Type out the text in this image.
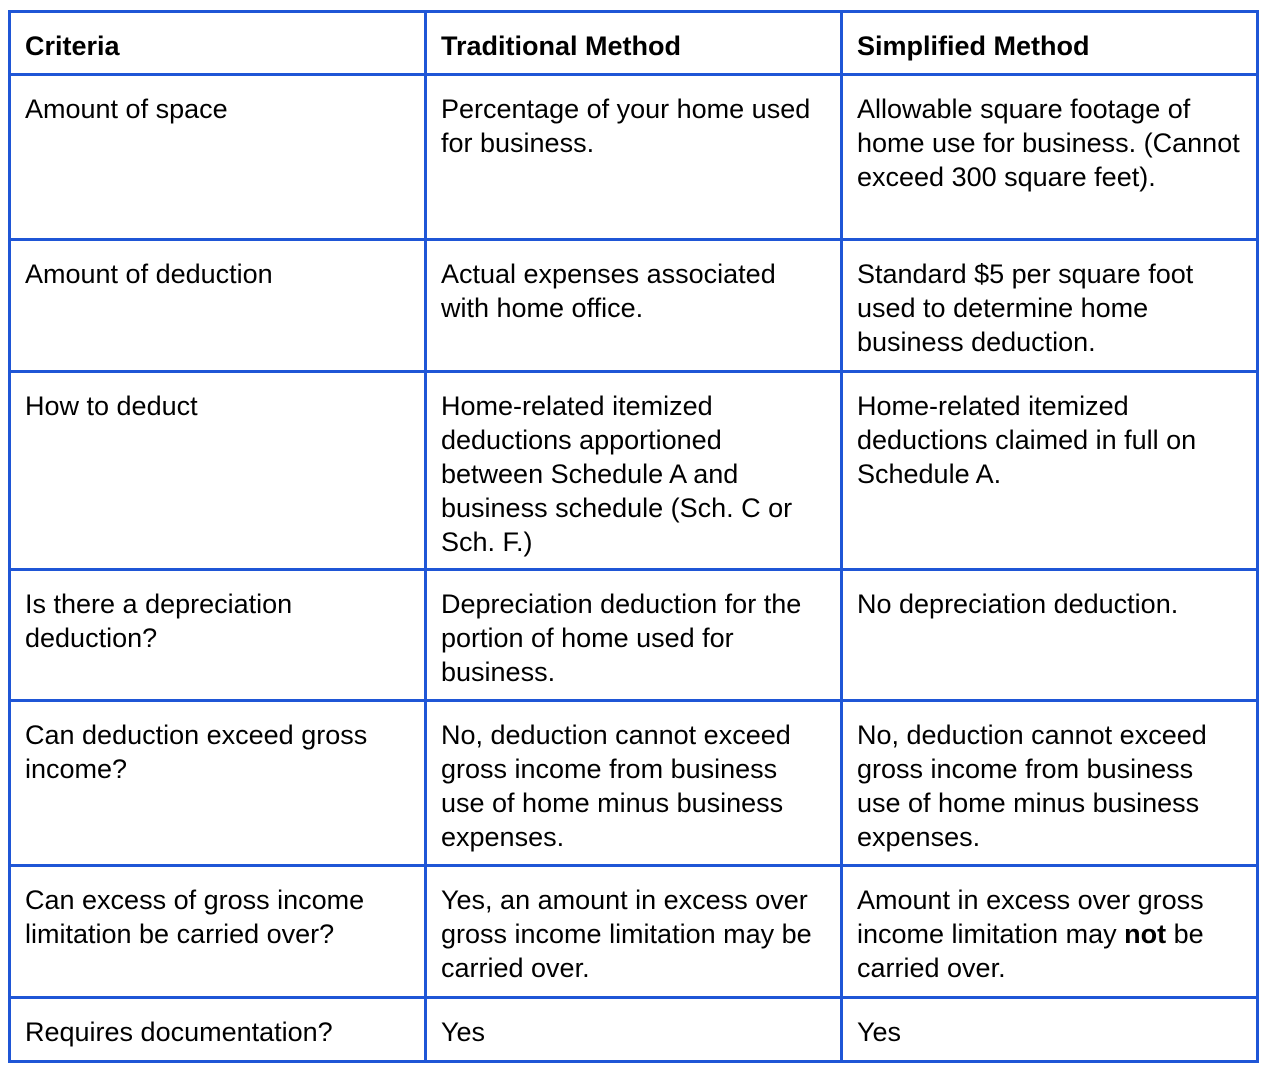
Criteria	Traditional Method	Simplified Method
Amount of space	Percentage of your home used for business.	Allowable square footage of home use for business. (Cannot exceed 300 square feet).
Amount of deduction	Actual expenses associated with home office.	Standard $5 per square foot used to determine home business deduction.
How to deduct	Home-related itemized deductions apportioned between Schedule A and business schedule (Sch. C or Sch. F.)	Home-related itemized deductions claimed in full on Schedule A.
Is there a depreciation deduction?	Depreciation deduction for the portion of home used for business.	No depreciation deduction.
Can deduction exceed gross income?	No, deduction cannot exceed gross income from business use of home minus business expenses.	No, deduction cannot exceed gross income from business use of home minus business expenses.
Can excess of gross income limitation be carried over?	Yes, an amount in excess over gross income limitation may be carried over.	Amount in excess over gross income limitation may not be carried over.
Requires documentation?	Yes	Yes
